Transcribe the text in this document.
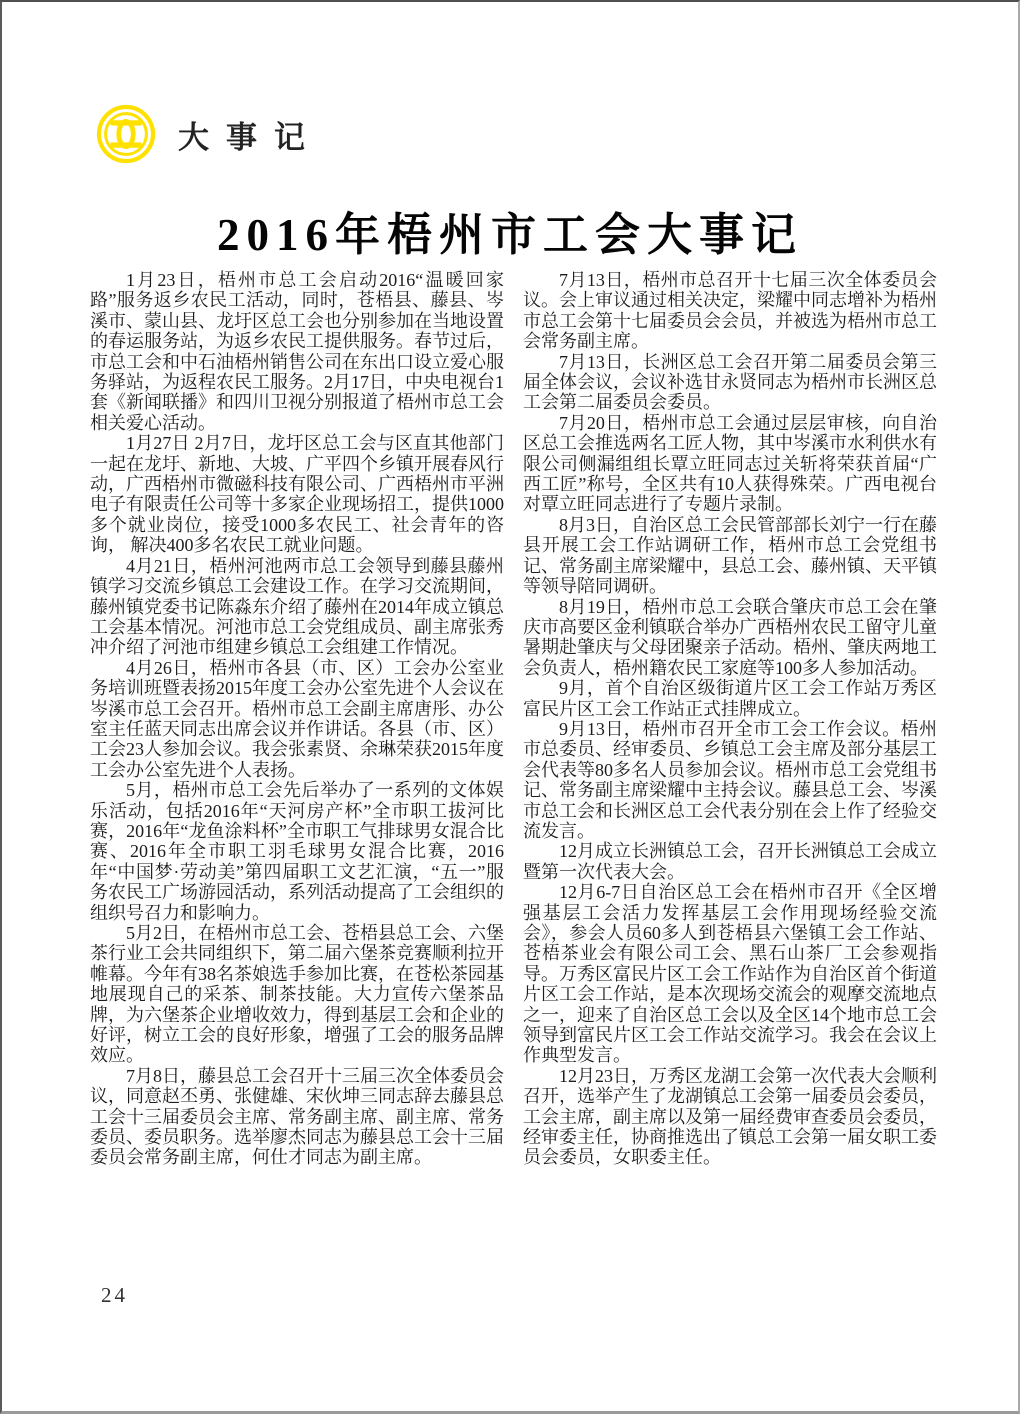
大事记
2016年梧州市工会大事记

1月23日，梧州市总工会启动2016“温暖回家路”服务返乡农民工活动，同时，苍梧县、藤县、岑溪市、蒙山县、龙圩区总工会也分别参加在当地设置的春运服务站，为返乡农民工提供服务。春节过后，市总工会和中石油梧州销售公司在东出口设立爱心服务驿站，为返程农民工服务。2月17日，中央电视台1套《新闻联播》和四川卫视分别报道了梧州市总工会相关爱心活动。

1月27日 2月7日，龙圩区总工会与区直其他部门一起在龙圩、新地、大坡、广平四个乡镇开展春风行动，广西梧州市微磁科技有限公司、广西梧州市平洲电子有限责任公司等十多家企业现场招工，提供1000多个就业岗位，接受1000多农民工、社会青年的咨询， 解决400多名农民工就业问题。

4月21日，梧州河池两市总工会领导到藤县藤州镇学习交流乡镇总工会建设工作。在学习交流期间，藤州镇党委书记陈淼东介绍了藤州在2014年成立镇总工会基本情况。河池市总工会党组成员、副主席张秀冲介绍了河池市组建乡镇总工会组建工作情况。

4月26日，梧州市各县（市、区）工会办公室业务培训班暨表扬2015年度工会办公室先进个人会议在岑溪市总工会召开。梧州市总工会副主席唐彤、办公室主任蓝天同志出席会议并作讲话。各县（市、区）工会23人参加会议。我会张素贤、余琳荣获2015年度工会办公室先进个人表扬。

5月，梧州市总工会先后举办了一系列的文体娱乐活动，包括2016年“天河房产杯”全市职工拔河比赛，2016年“龙鱼涂料杯”全市职工气排球男女混合比赛、2016年全市职工羽毛球男女混合比赛，2016年“中国梦·劳动美”第四届职工文艺汇演，“五一”服务农民工广场游园活动，系列活动提高了工会组织的组织号召力和影响力。

5月2日，在梧州市总工会、苍梧县总工会、六堡茶行业工会共同组织下，第二届六堡茶竞赛顺利拉开帷幕。今年有38名茶娘选手参加比赛，在苍松茶园基地展现自己的采茶、制茶技能。大力宣传六堡茶品牌，为六堡茶企业增收效力，得到基层工会和企业的好评，树立工会的良好形象，增强了工会的服务品牌效应。

7月8日，藤县总工会召开十三届三次全体委员会议，同意赵丕勇、张健雄、宋伙坤三同志辞去藤县总工会十三届委员会主席、常务副主席、副主席、常务委员、委员职务。选举廖杰同志为藤县总工会十三届委员会常务副主席，何仕才同志为副主席。

7月13日，梧州市总召开十七届三次全体委员会议。会上审议通过相关决定，梁耀中同志增补为梧州市总工会第十七届委员会会员，并被选为梧州市总工会常务副主席。

7月13日，长洲区总工会召开第二届委员会第三届全体会议，会议补选甘永贤同志为梧州市长洲区总工会第二届委员会委员。

7月20日，梧州市总工会通过层层审核，向自治区总工会推选两名工匠人物，其中岑溪市水利供水有限公司侧漏组组长覃立旺同志过关斩将荣获首届“广西工匠”称号，全区共有10人获得殊荣。广西电视台对覃立旺同志进行了专题片录制。

8月3日，自治区总工会民管部部长刘宁一行在藤县开展工会工作站调研工作，梧州市总工会党组书记、常务副主席梁耀中，县总工会、藤州镇、天平镇等领导陪同调研。

8月19日，梧州市总工会联合肇庆市总工会在肇庆市高要区金利镇联合举办广西梧州农民工留守儿童暑期赴肇庆与父母团聚亲子活动。梧州、肇庆两地工会负责人，梧州籍农民工家庭等100多人参加活动。

9月，首个自治区级街道片区工会工作站万秀区富民片区工会工作站正式挂牌成立。

9月13日，梧州市召开全市工会工作会议。梧州市总委员、经审委员、乡镇总工会主席及部分基层工会代表等80多名人员参加会议。梧州市总工会党组书记、常务副主席梁耀中主持会议。藤县总工会、岑溪市总工会和长洲区总工会代表分别在会上作了经验交流发言。

12月成立长洲镇总工会，召开长洲镇总工会成立暨第一次代表大会。

12月6-7日自治区总工会在梧州市召开《全区增强基层工会活力发挥基层工会作用现场经验交流会》，参会人员60多人到苍梧县六堡镇工会工作站、苍梧茶业会有限公司工会、黑石山茶厂工会参观指导。万秀区富民片区工会工作站作为自治区首个街道片区工会工作站，是本次现场交流会的观摩交流地点之一，迎来了自治区总工会以及全区14个地市总工会领导到富民片区工会工作站交流学习。我会在会议上作典型发言。

12月23日，万秀区龙湖工会第一次代表大会顺利召开，选举产生了龙湖镇总工会第一届委员会委员，工会主席，副主席以及第一届经费审查委员会委员，经审委主任，协商推选出了镇总工会第一届女职工委员会委员，女职委主任。

24
